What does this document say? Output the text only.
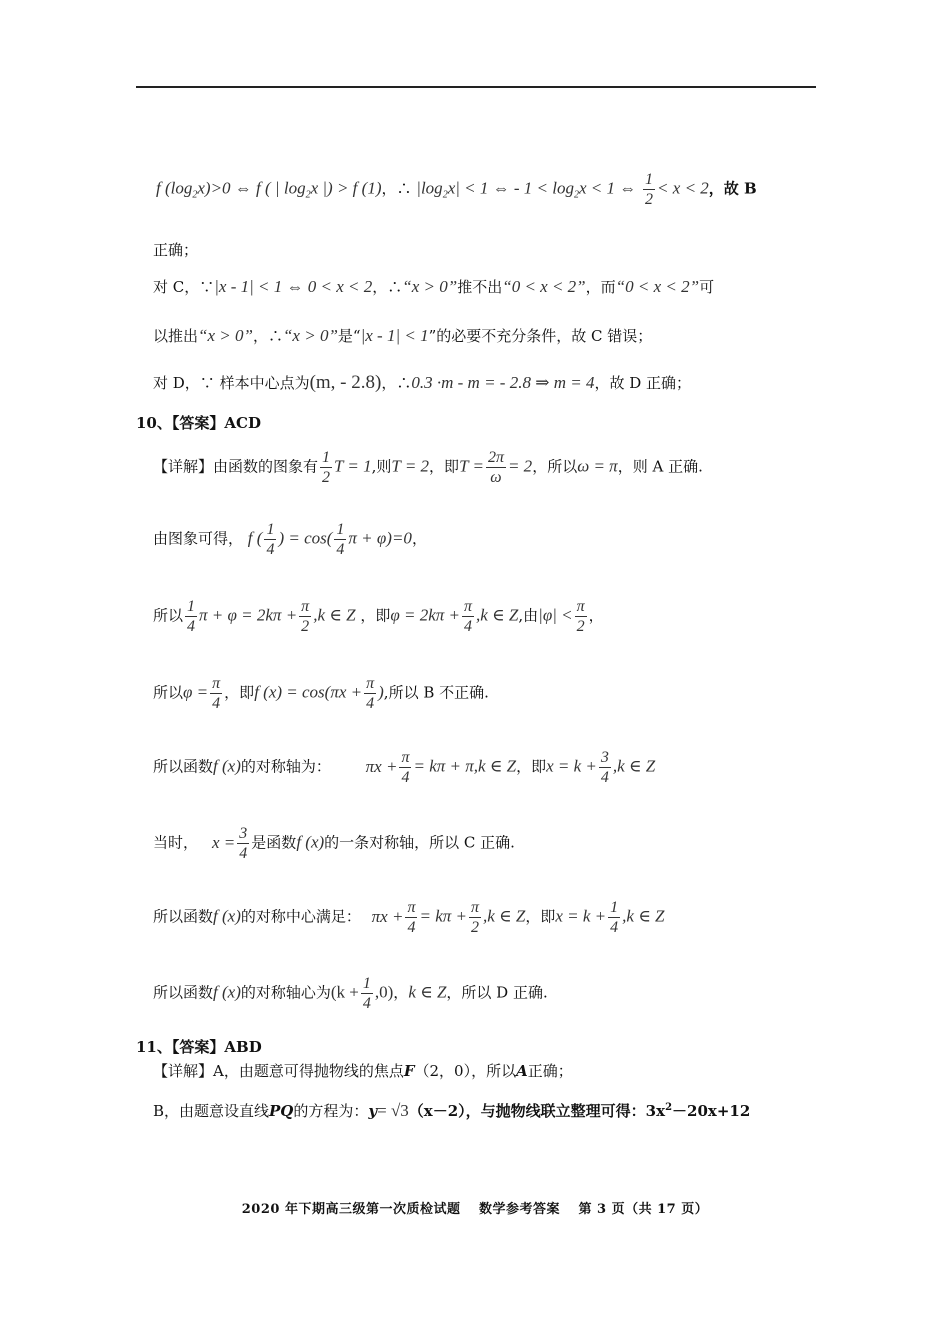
f $(\log_2x)>0$ ⇔ f ( | $\log_2x$ |) > f (1)，∴ $|\log_2x| < 1$ ⇔ - $1 < \log_2x < 1$ ⇔ $\frac{1}{2} < x < 2$，故 B
正确；
对 C，∵|x - 1| < 1 ⇔ 0 < x < 2，∴“x > 0”推不出“0 < x < 2”，而“0 < x < 2”可
以推出“x > 0”，∴“x > 0”是“|x - 1| < 1”的必要不充分条件，故 C 错误；
对 D，∵ 样本中心点为(m, - 2.8)，∴0.3 ·m - m = - 2.8 ⇒ m = 4，故 D 正确；
10、【答案】ACD
【详解】由函数的图象有 $\frac{1}{2}$ T = 1,则T = 2，即$T = \frac{2\pi}{\omega} = 2$，所以ω = π，则 A 正确.
由图象可得， f ( $\frac{1}{4}$ ) = $\cos( \frac{1}{4}$ π + φ)=0，
所以 $\frac{1}{4}$ $\pi + \varphi = 2k\pi + \frac{\pi}{2} ,k$ ∈ Z ，即$\varphi = 2k\pi + \frac{\pi}{4} ,k$ ∈ Z,由$|\varphi| < \frac{\pi}{2}$ ，
所以$\varphi = \frac{\pi}{4}$ ，即f $(x) = \cos(\pi x + \frac{\pi}{4}$ ),所以 B 不正确.
所以函数f (x)的对称轴为： $\pi x + \frac{\pi}{4} = k\pi + \pi,k$ ∈ Z，即$x = k + \frac{3}{4} ,k$ ∈ Z
当时， $x = \frac{3}{4}$ 是函数f (x)的一条对称轴，所以 C 正确.
所以函数f (x)的对称中心满足： $\pi x + \frac{\pi}{4} = k\pi + \frac{\pi}{2} ,k$ ∈ Z，即$x = k + \frac{1}{4} ,k$ ∈ Z
所以函数f (x)的对称轴心为$(k + \frac{1}{4} ,0)$，k ∈ Z，所以 D 正确.
11、【答案】ABD
【详解】A，由题意可得抛物线的焦点F（2，0），所以A正确；
B，由题意设直线PQ的方程为：y= √3（x－2），与抛物线联立整理可得：$3x^2-20x+12$
2020 年下期高三级第一次质检试题　 数学参考答案　 第 3 页（共 17 页）
